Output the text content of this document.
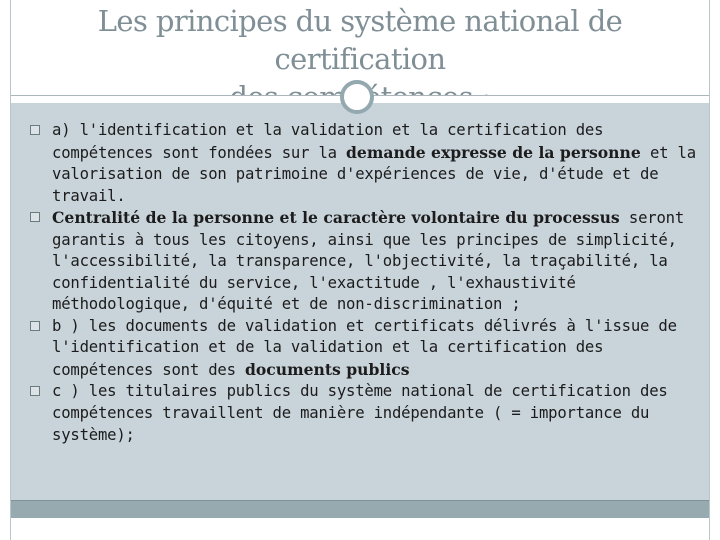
Les principes du système national de certification
a) l'identification et la validation et la certification des compétences sont fondées sur la demande expresse de la personne et la valorisation de son patrimoine d'expériences de vie, d'étude et de travail.
Centralité de la personne et le caractère volontaire du processus seront garantis à tous les citoyens, ainsi que les principes de simplicité, l'accessibilité, la transparence, l'objectivité, la traçabilité, la confidentialité du service, l'exactitude , l'exhaustivité méthodologique, d'équité et de non-discrimination ;
b ) les documents de validation et certificats délivrés à l'issue de l'identification et de la validation et la certification des compétences sont des documents publics
c ) les titulaires publics du système national de certification des compétences travaillent de manière indépendante ( = importance du système);
